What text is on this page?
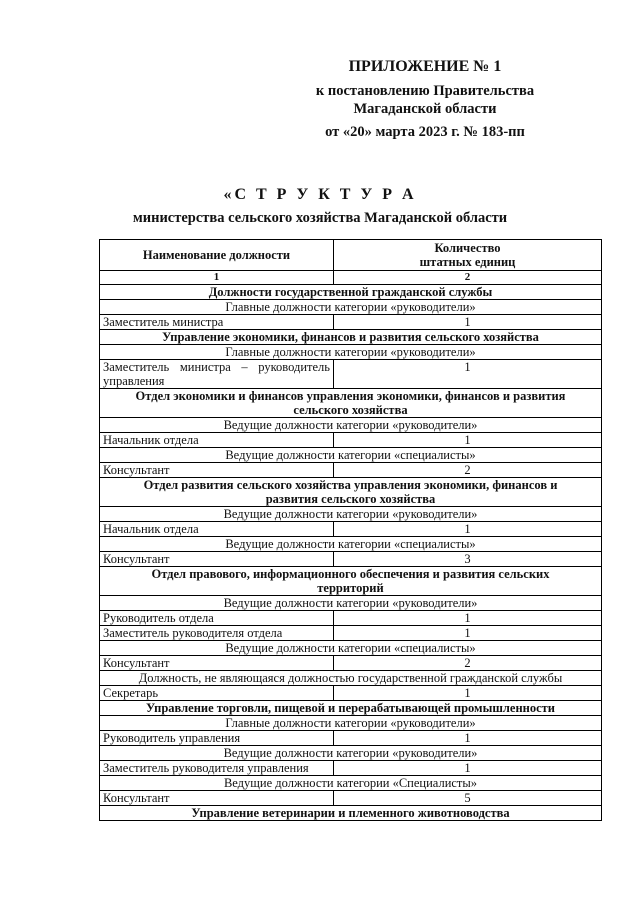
ПРИЛОЖЕНИЕ № 1
к постановлению Правительства
Магаданской области
от «20» марта 2023 г. № 183-пп
«С Т Р У К Т У Р А
министерства сельского хозяйства Магаданской области
Наименование должности	Количество
штатных единиц

1	2
Должности государственной гражданской службы	
Главные должности категории «руководители»	
Заместитель министра	1
Управление экономики, финансов и развития сельского хозяйства	
Главные должности категории «руководители»	

Заместитель министра – руководитель
управления	1

Отдел экономики и финансов управления экономики, финансов и развития
сельского хозяйства	

Ведущие должности категории «руководители»	
Начальник отдела	1
Ведущие должности категории «специалисты»	
Консультант	2

Отдел развития сельского хозяйства управления экономики, финансов и
развития сельского хозяйства	

Ведущие должности категории «руководители»	
Начальник отдела	1
Ведущие должности категории «специалисты»	
Консультант	3

Отдел правового, информационного обеспечения и развития сельских
территорий	

Ведущие должности категории «руководители»	
Руководитель отдела	1
Заместитель руководителя отдела	1
Ведущие должности категории «специалисты»	
Консультант	2
Должность, не являющаяся должностью государственной гражданской службы	
Секретарь	1
Управление торговли, пищевой и перерабатывающей промышленности	
Главные должности категории «руководители»	
Руководитель управления	1
Ведущие должности категории «руководители»	
Заместитель руководителя управления	1
Ведущие должности категории «Специалисты»	
Консультант	5
Управление ветеринарии и племенного животноводства	
